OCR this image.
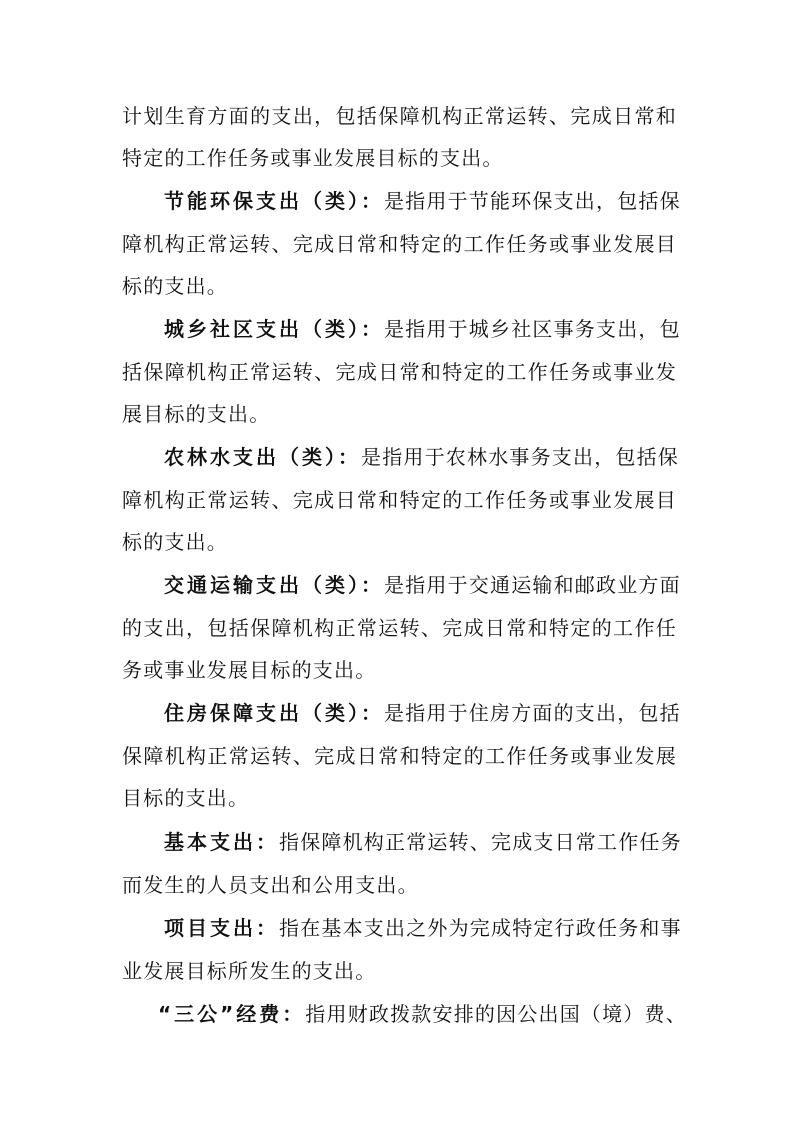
计划生育方面的支出，包括保障机构正常运转、完成日常和
特定的工作任务或事业发展目标的支出。
节能环保支出（类）：是指用于节能环保支出，包括保
障机构正常运转、完成日常和特定的工作任务或事业发展目
标的支出。
城乡社区支出（类）：是指用于城乡社区事务支出，包
括保障机构正常运转、完成日常和特定的工作任务或事业发
展目标的支出。
农林水支出（类）：是指用于农林水事务支出，包括保
障机构正常运转、完成日常和特定的工作任务或事业发展目
标的支出。
交通运输支出（类）：是指用于交通运输和邮政业方面
的支出，包括保障机构正常运转、完成日常和特定的工作任
务或事业发展目标的支出。
住房保障支出（类）：是指用于住房方面的支出，包括
保障机构正常运转、完成日常和特定的工作任务或事业发展
目标的支出。
基本支出：指保障机构正常运转、完成支日常工作任务
而发生的人员支出和公用支出。
项目支出：指在基本支出之外为完成特定行政任务和事
业发展目标所发生的支出。
“三公”经费：指用财政拨款安排的因公出国（境）费、
